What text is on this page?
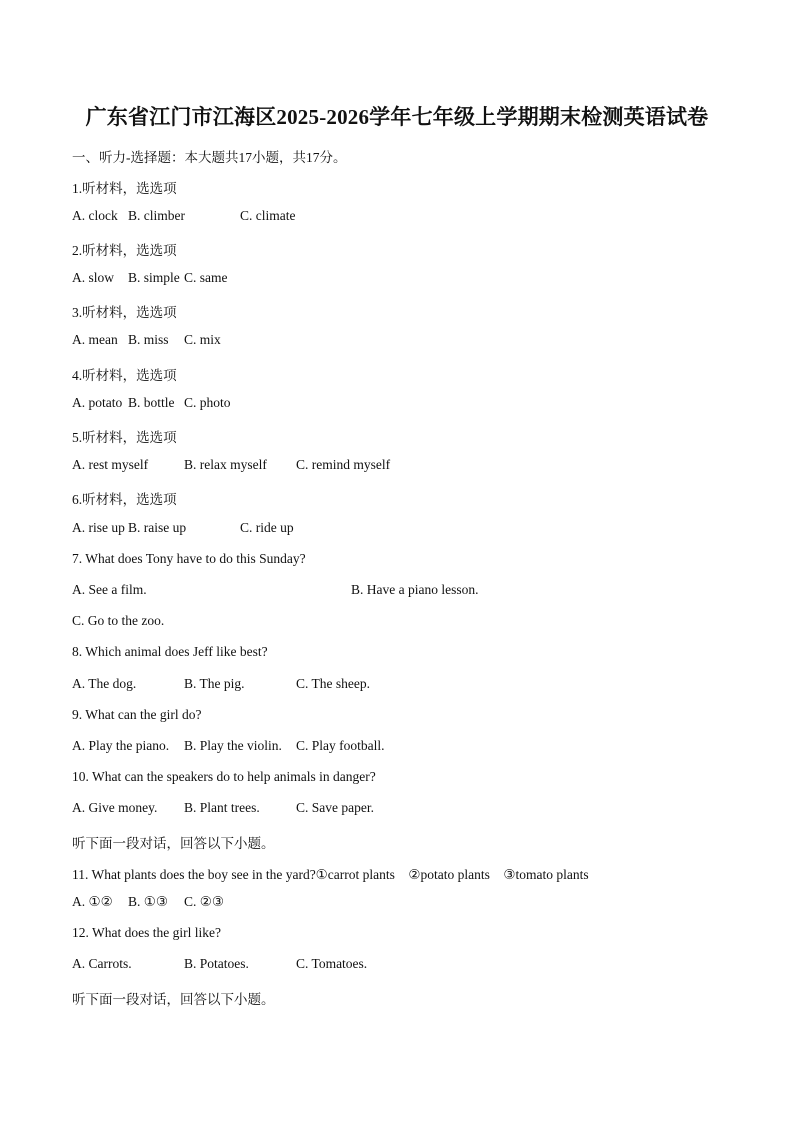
广东省江门市江海区2025-2026学年七年级上学期期末检测英语试卷
一、听力-选择题：本大题共17小题，共17分。
1.听材料，选选项
A. clock B. climber	C. climate
2.听材料，选选项
A. slow B. simple C. same
3.听材料，选选项
A. mean B. miss C. mix
4.听材料，选选项
A. potato B. bottle C. photo
5.听材料，选选项
A. rest myself	B. relax myself C. remind myself
6.听材料，选选项
A. rise up B. raise up	C. ride up
7. What does Tony have to do this Sunday?
A. See a film.	B. Have a piano lesson.
C. Go to the zoo.
8. Which animal does Jeff like best?
A. The dog.	B. The pig.	C. The sheep.
9. What can the girl do?
A. Play the piano. B. Play the violin. C. Play football.
10. What can the speakers do to help animals in danger?
A. Give money. B. Plant trees.	C. Save paper.
听下面一段对话，回答以下小题。
11. What plants does the boy see in the yard?①carrot plants　②potato plants　③tomato plants
A. ①② B. ①③ C. ②③
12. What does the girl like?
A. Carrots.	B. Potatoes.	C. Tomatoes.
听下面一段对话，回答以下小题。
